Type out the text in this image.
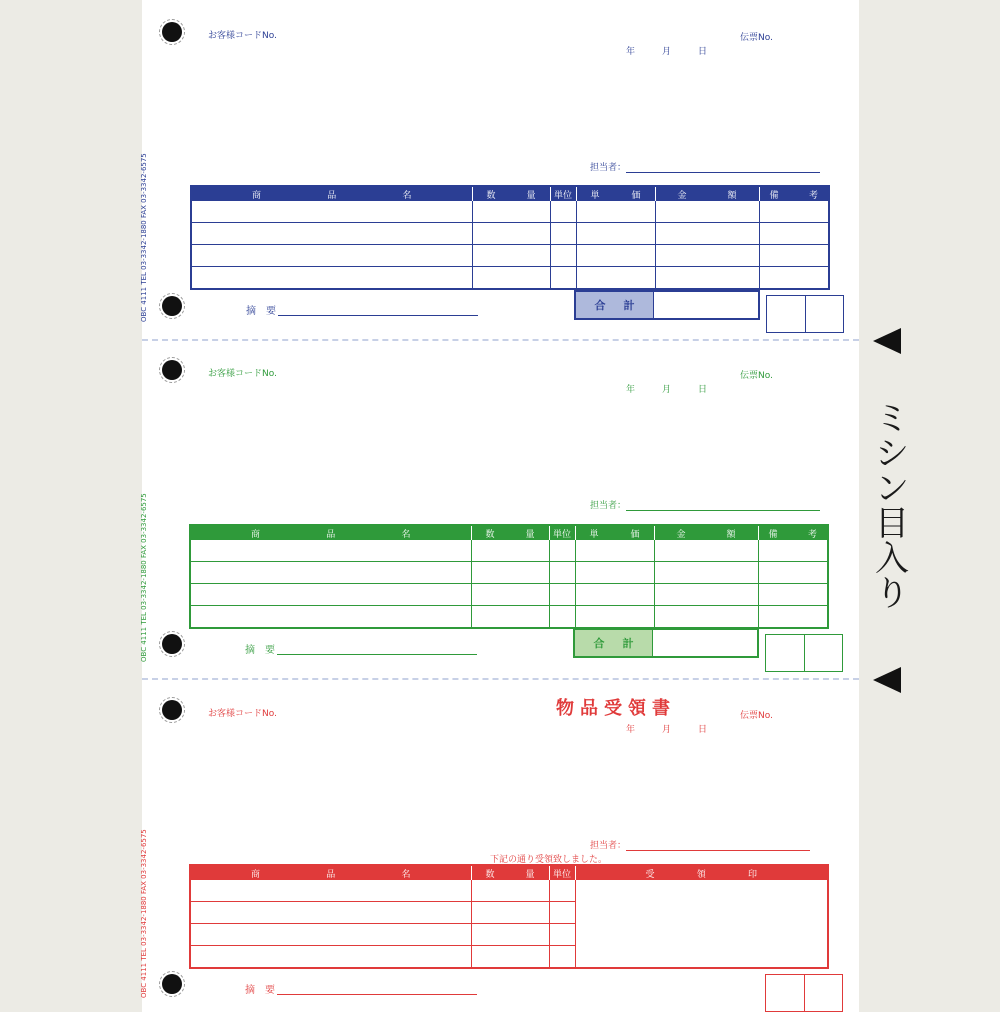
OBC 4111 TEL 03-3342-1880 FAX 03-3342-6575
お客様コードNo.	伝票No.
年	月	日
担当者：
商 品 名	数 量	単位	単 価	金 額	備 考

合 計
摘　要
OBC 4111 TEL 03-3342-1880 FAX 03-3342-6575
お客様コードNo.	伝票No.
年	月	日
担当者：
商 品 名	数 量	単位	単 価	金 額	備 考

合 計
摘　要
OBC 4111 TEL 03-3342-1880 FAX 03-3342-6575
お客様コードNo.	物品受領書	伝票No.
年	月	日
担当者：
下記の通り受領致しました。
商 品 名	数 量	単位	受 領 印

摘　要
ミ
シ
ン
目
入
り
